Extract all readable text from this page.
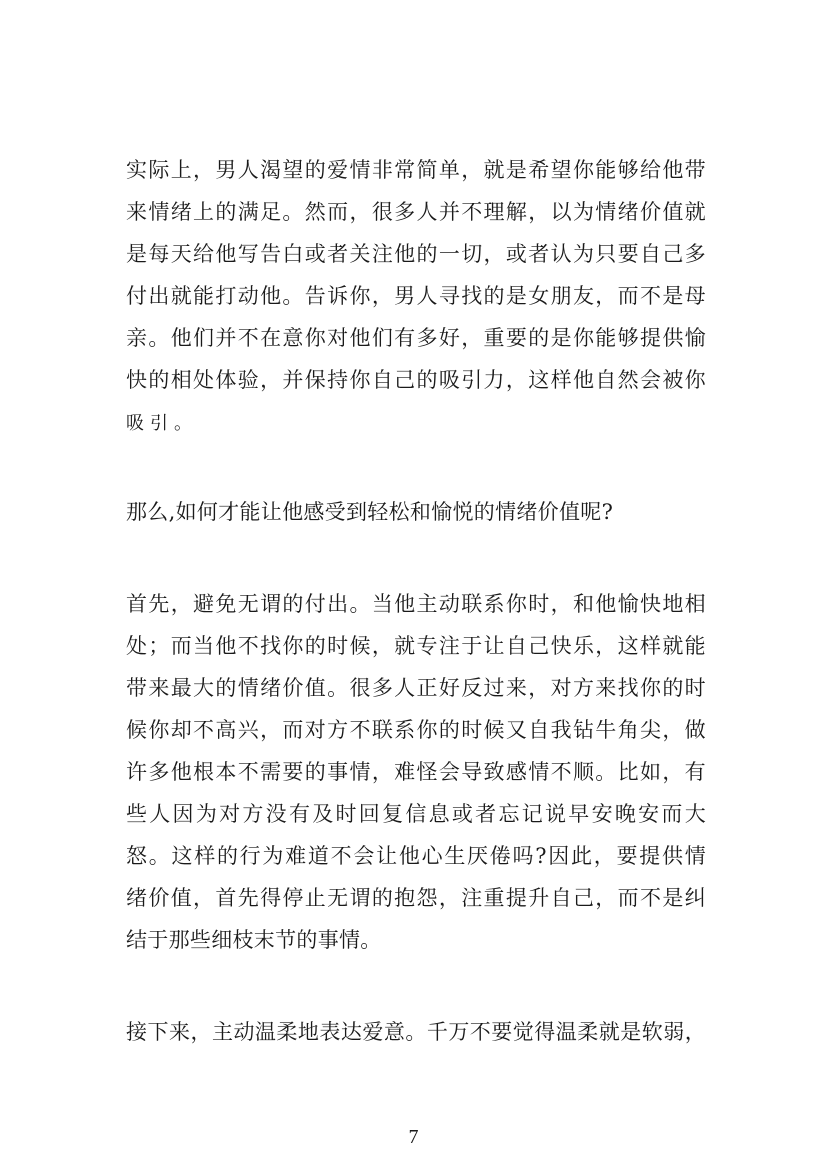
实际上，男人渴望的爱情非常简单，就是希望你能够给他带

来情绪上的满足。然而，很多人并不理解，以为情绪价值就

是每天给他写告白或者关注他的一切，或者认为只要自己多

付出就能打动他。告诉你，男人寻找的是女朋友，而不是母

亲。他们并不在意你对他们有多好，重要的是你能够提供愉

快的相处体验，并保持你自己的吸引力，这样他自然会被你

吸引。

那么,如何才能让他感受到轻松和愉悦的情绪价值呢?

首先，避免无谓的付出。当他主动联系你时，和他愉快地相

处；而当他不找你的时候，就专注于让自己快乐，这样就能

带来最大的情绪价值。很多人正好反过来，对方来找你的时

候你却不高兴，而对方不联系你的时候又自我钻牛角尖，做

许多他根本不需要的事情，难怪会导致感情不顺。比如，有

些人因为对方没有及时回复信息或者忘记说早安晚安而大

怒。这样的行为难道不会让他心生厌倦吗?因此，要提供情

绪价值，首先得停止无谓的抱怨，注重提升自己，而不是纠

结于那些细枝末节的事情。

接下来，主动温柔地表达爱意。千万不要觉得温柔就是软弱，

7
